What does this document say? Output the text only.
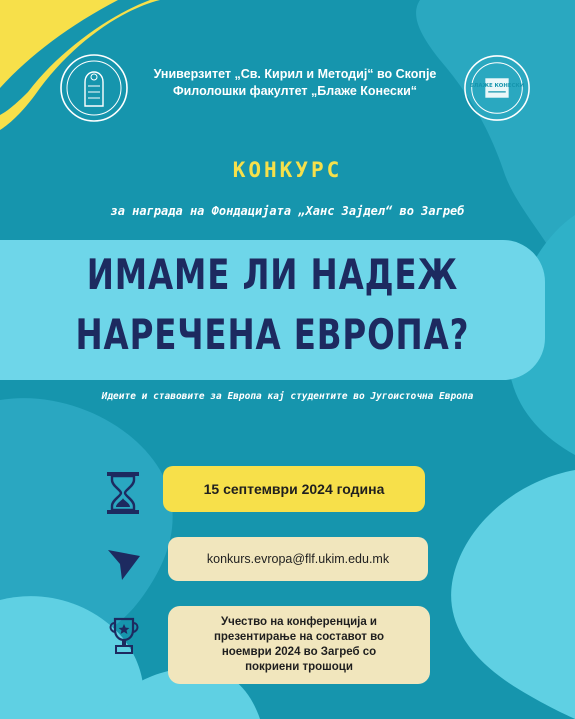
БЛАЖЕ КОНЕСКИ
Универзитет „Св. Кирил и Методиј“ во Скопје
Филолошки факултет „Блаже Конески“
КОНКУРС
за награда на Фондацијата „Ханс Зајдел“ во Загреб
ИМАМЕ ЛИ НАДЕЖ
НАРЕЧЕНА ЕВРОПА?
Идеите и ставовите за Европа кај студентите во Југоисточна Европа
15 септември 2024 година
konkurs.evropa@flf.ukim.edu.mk
Учество на конференција и презентирање на составот во ноември 2024 во Загреб со покриени трошоци
